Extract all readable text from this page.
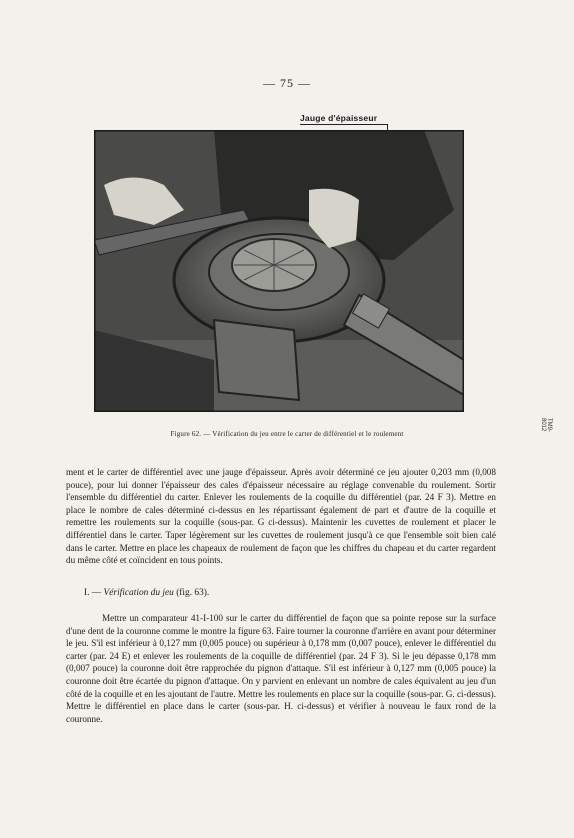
— 75 —
Jauge d'épaisseur
Figure 62. — Vérification du jeu entre le carter de différentiel et le roulement
TM9-8012
ment et le carter de différentiel avec une jauge d'épaisseur. Après avoir déterminé ce jeu ajouter 0,203 mm (0,008 pouce), pour lui donner l'épaisseur des cales d'épaisseur nécessaire au réglage convenable du roulement. Sortir l'ensemble du différentiel du carter. Enlever les roulements de la coquille du différentiel (par. 24 F 3). Mettre en place le nombre de cales déterminé ci-dessus en les répartissant également de part et d'autre de la coquille et remettre les roulements sur la coquille (sous-par. G ci-dessus). Maintenir les cuvettes de roulement et placer le différentiel dans le carter. Taper légèrement sur les cuvettes de roulement jusqu'à ce que l'ensemble soit bien calé dans le carter. Mettre en place les chapeaux de roulement de façon que les chiffres du chapeau et du carter regardent du même côté et coïncident en tous points.
I. — Vérification du jeu (fig. 63).
Mettre un comparateur 41-I-100 sur le carter du différentiel de façon que sa pointe repose sur la surface d'une dent de la couronne comme le montre la figure 63. Faire tourner la couronne d'arrière en avant pour déterminer le jeu. S'il est inférieur à 0,127 mm (0,005 pouce) ou supérieur à 0,178 mm (0,007 pouce), enlever le différentiel du carter (par. 24 E) et enlever les roulements de la coquille de différentiel (par. 24 F 3). Si le jeu dépasse 0,178 mm (0,007 pouce) la couronne doit être rapprochée du pignon d'attaque. S'il est inférieur à 0,127 mm (0,005 pouce) la couronne doit être écartée du pignon d'attaque. On y parvient en enlevant un nombre de cales équivalent au jeu d'un côté de la coquille et en les ajoutant de l'autre. Mettre les roulements en place sur la coquille (sous-par. G. ci-dessus). Mettre le différentiel en place dans le carter (sous-par. H. ci-dessus) et vérifier à nouveau le faux rond de la couronne.
